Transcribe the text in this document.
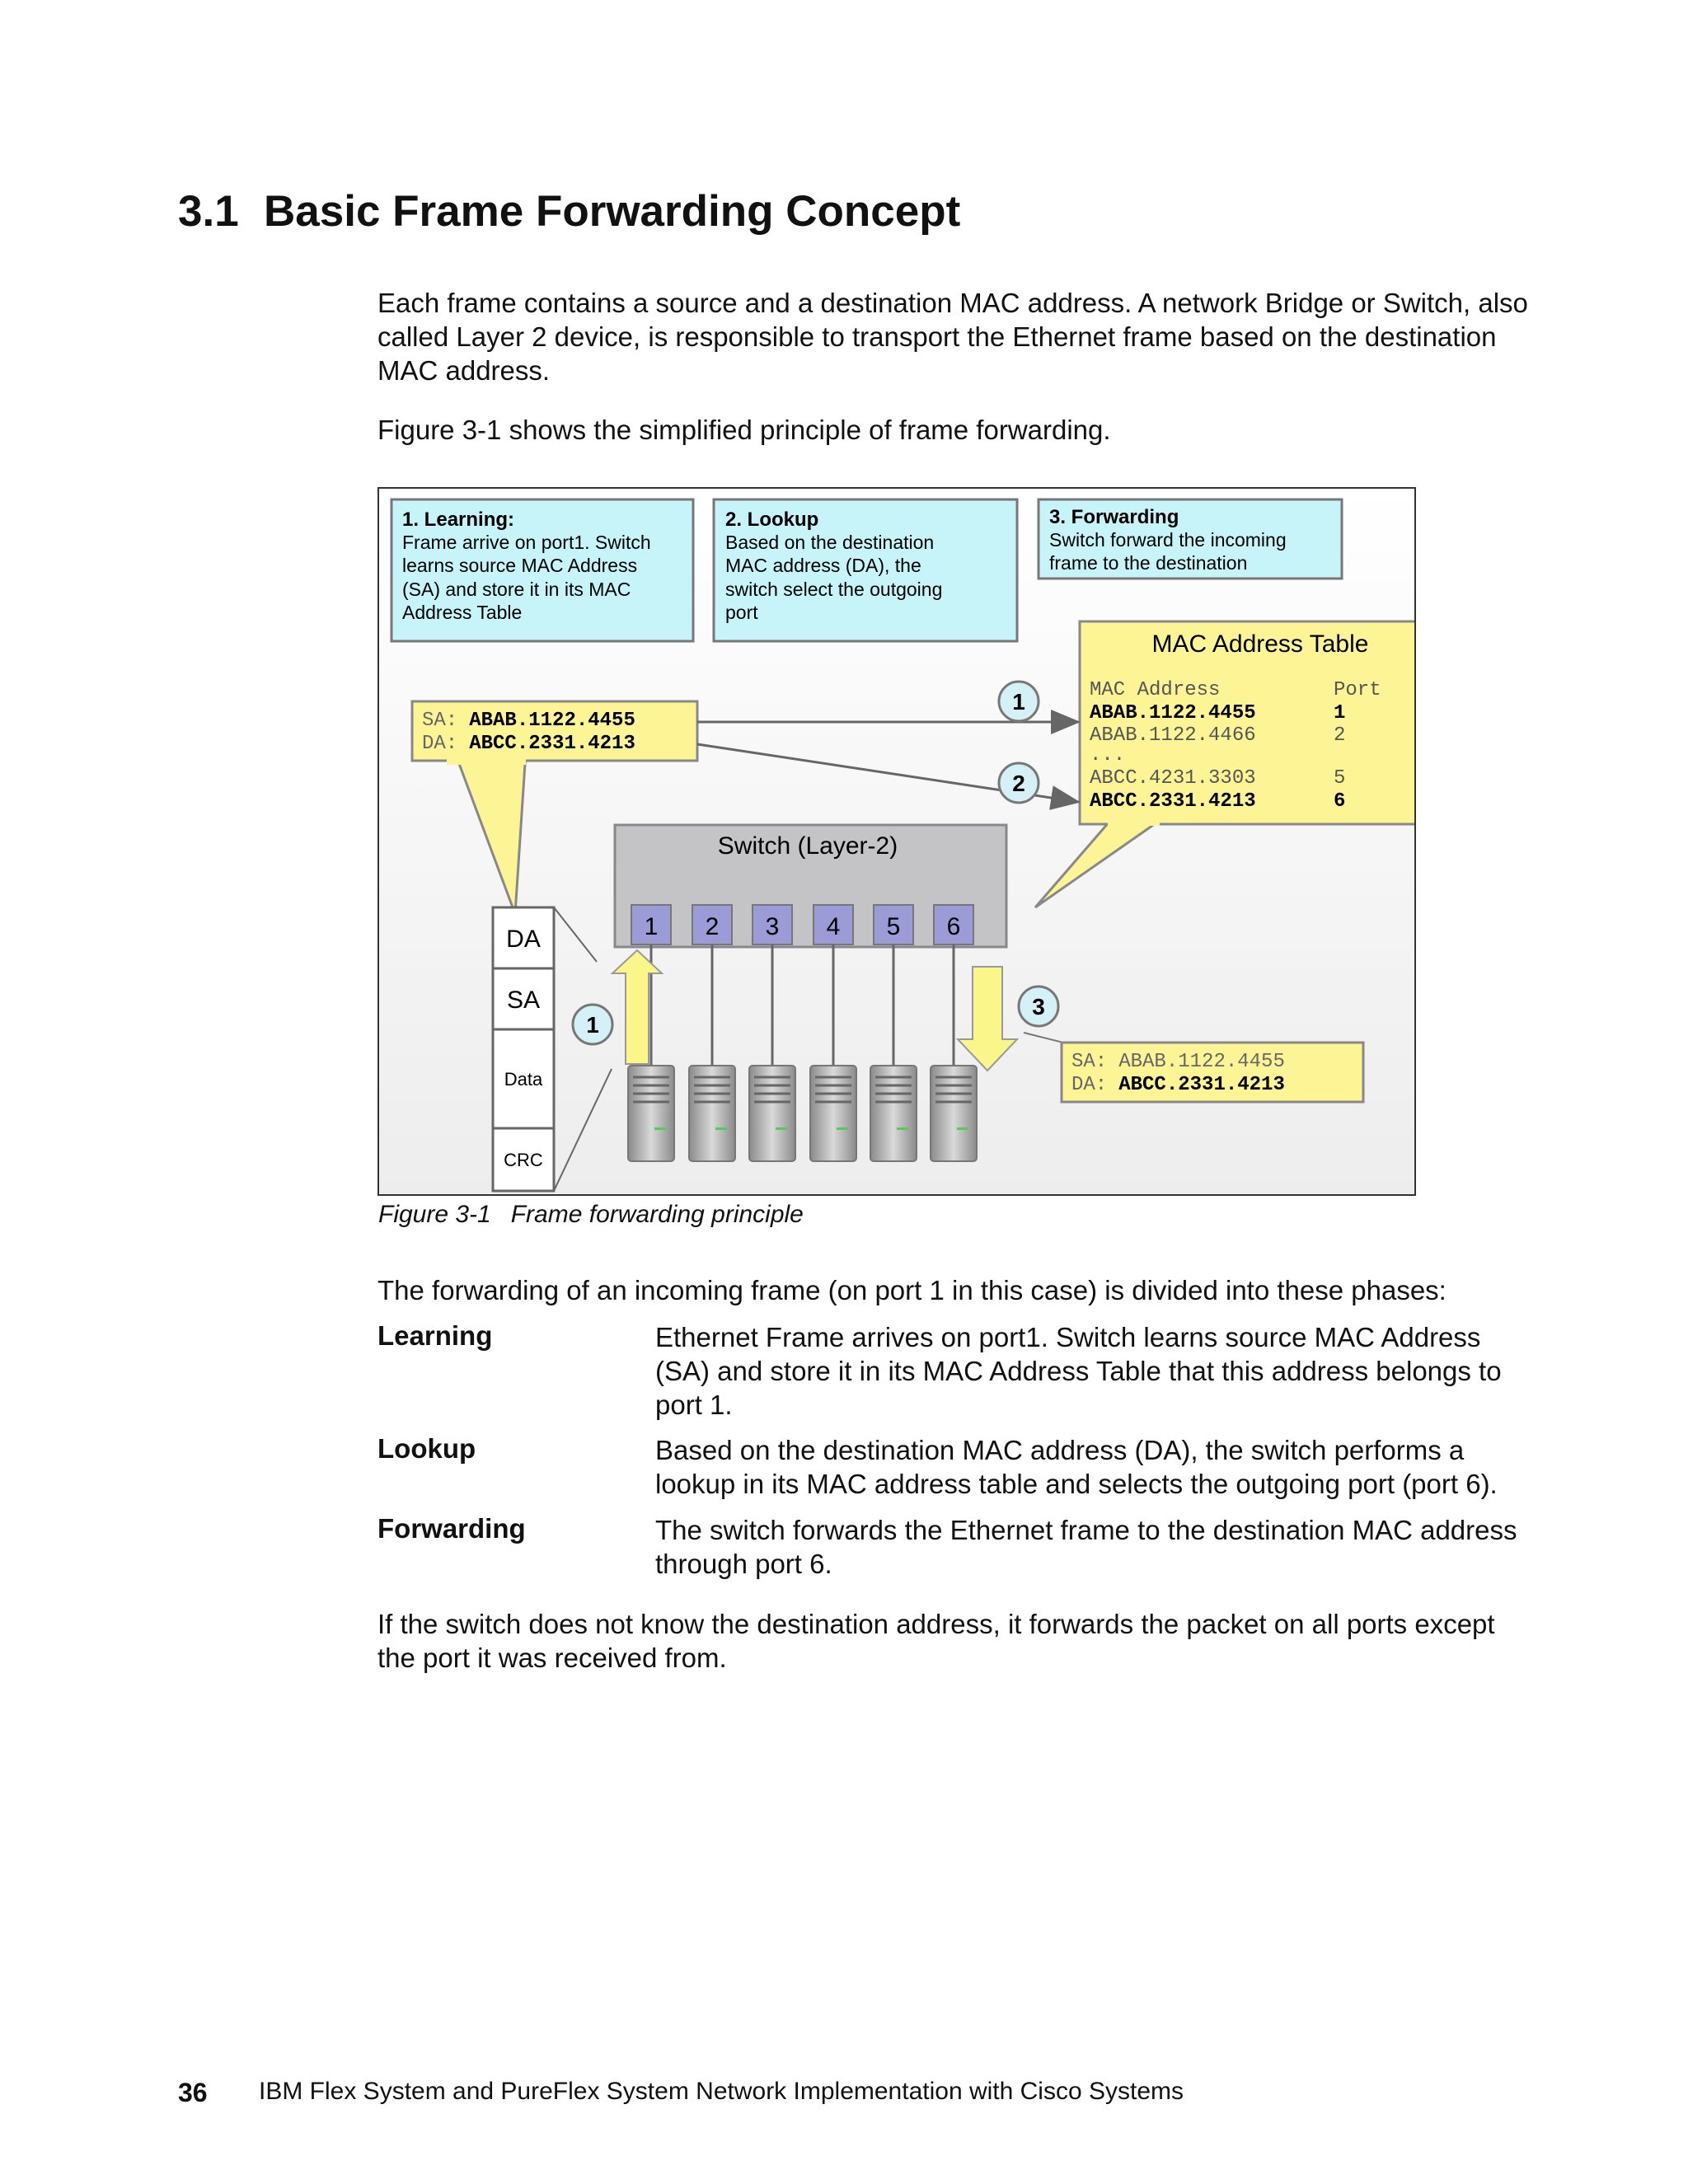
3.1 Basic Frame Forwarding Concept

Each frame contains a source and a destination MAC address. A network Bridge or Switch, also called Layer 2 device, is responsible to transport the Ethernet frame based on the destination MAC address.

Figure 3-1 shows the simplified principle of frame forwarding.

1. Learning:
Frame arrive on port1. Switch
learns source MAC Address
(SA) and store it in its MAC
Address Table
2. Lookup
Based on the destination
MAC address (DA), the
switch select the outgoing
port
3. Forwarding
Switch forward the incoming
frame to the destination
MAC Address Table
MAC Address	Port
ABAB.1122.4455	1
ABAB.1122.4466	2
...
ABCC.4231.3303	5
ABCC.2331.4213	6
SA: ABAB.1122.4455
DA: ABCC.2331.4213
1
2
Switch (Layer-2)
1 2 3 4 5 6
DA
SA
Data
CRC
1
3
SA: ABAB.1122.4455
DA: ABCC.2331.4213
Figure 3-1 Frame forwarding principle

The forwarding of an incoming frame (on port 1 in this case) is divided into these phases:

Learning	Ethernet Frame arrives on port1. Switch learns source MAC Address (SA) and store it in its MAC Address Table that this address belongs to port 1.

Lookup	Based on the destination MAC address (DA), the switch performs a lookup in its MAC address table and selects the outgoing port (port 6).

Forwarding	The switch forwards the Ethernet frame to the destination MAC address through port 6.

If the switch does not know the destination address, it forwards the packet on all ports except the port it was received from.

36 IBM Flex System and PureFlex System Network Implementation with Cisco Systems
